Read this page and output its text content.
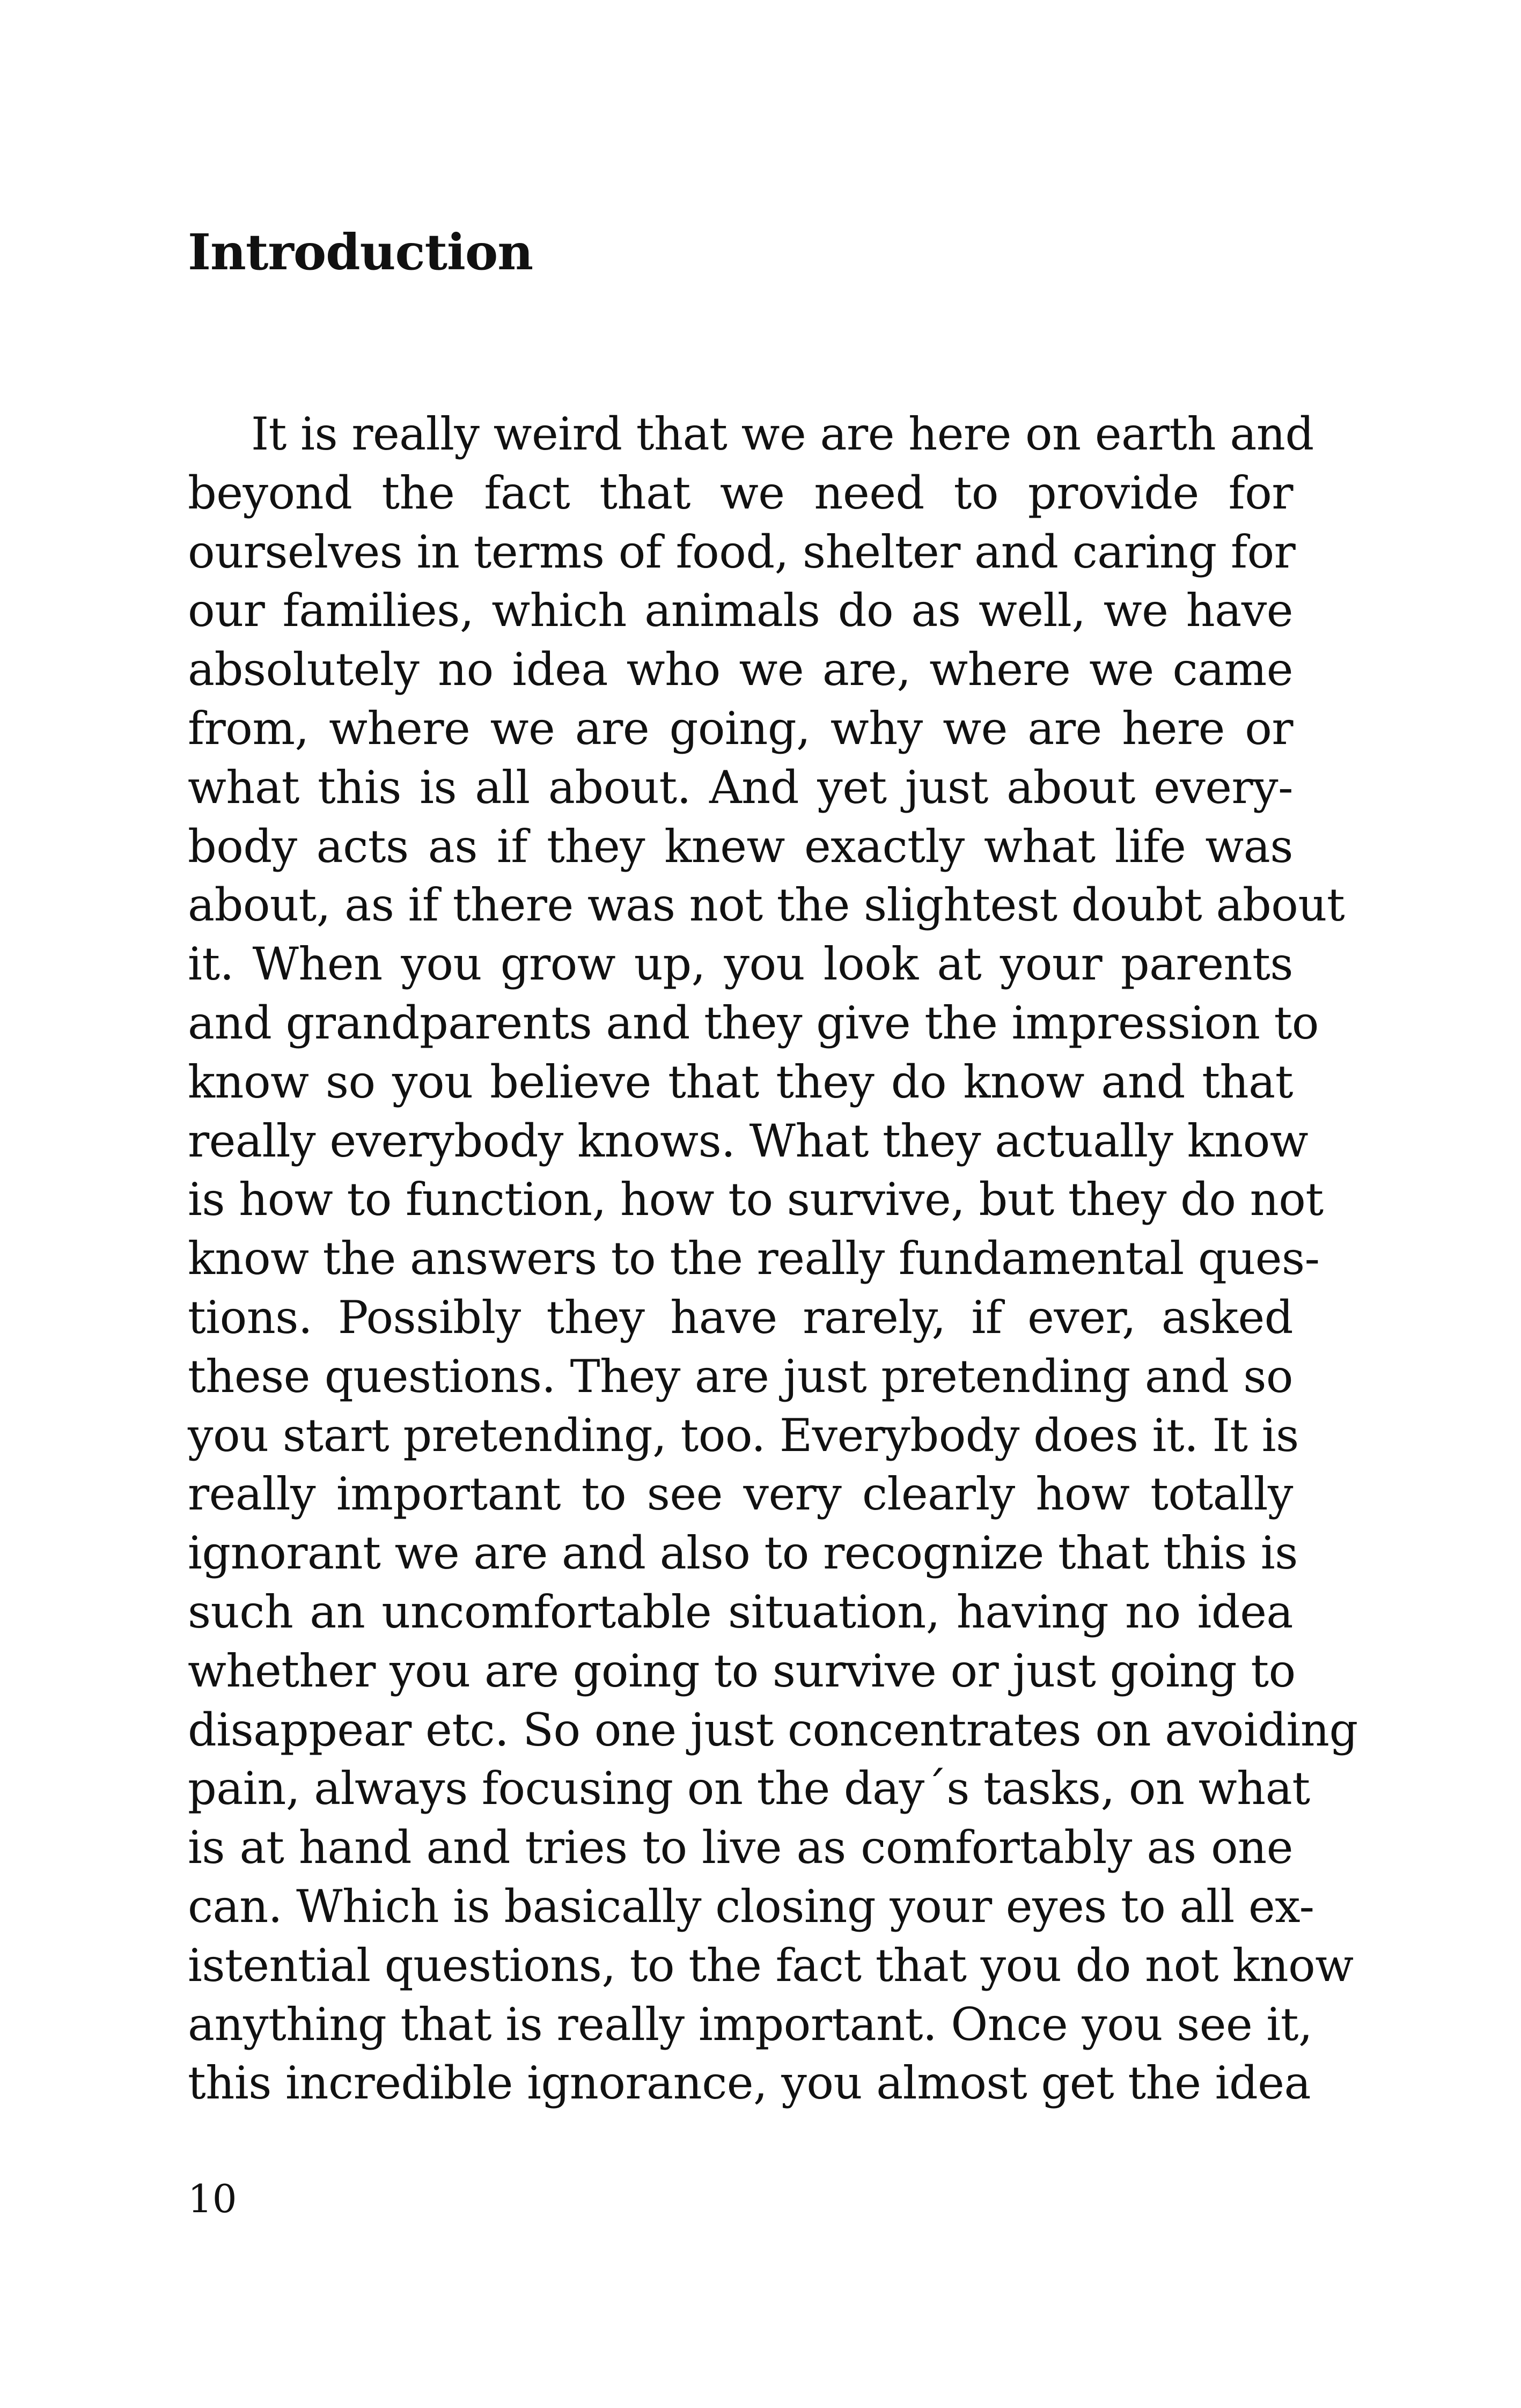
Introduction
It is really weird that we are here on earth and
beyond the fact that we need to provide for
ourselves in terms of food, shelter and caring for
our families, which animals do as well, we have
absolutely no idea who we are, where we came
from, where we are going, why we are here or
what this is all about. And yet just about every-
body acts as if they knew exactly what life was
about, as if there was not the slightest doubt about
it. When you grow up, you look at your parents
and grandparents and they give the impression to
know so you believe that they do know and that
really everybody knows. What they actually know
is how to function, how to survive, but they do not
know the answers to the really fundamental ques-
tions. Possibly they have rarely, if ever, asked
these questions. They are just pretending and so
you start pretending, too. Everybody does it. It is
really important to see very clearly how totally
ignorant we are and also to recognize that this is
such an uncomfortable situation, having no idea
whether you are going to survive or just going to
disappear etc. So one just concentrates on avoiding
pain, always focusing on the day´s tasks, on what
is at hand and tries to live as comfortably as one
can. Which is basically closing your eyes to all ex-
istential questions, to the fact that you do not know
anything that is really important. Once you see it,
this incredible ignorance, you almost get the idea
10
